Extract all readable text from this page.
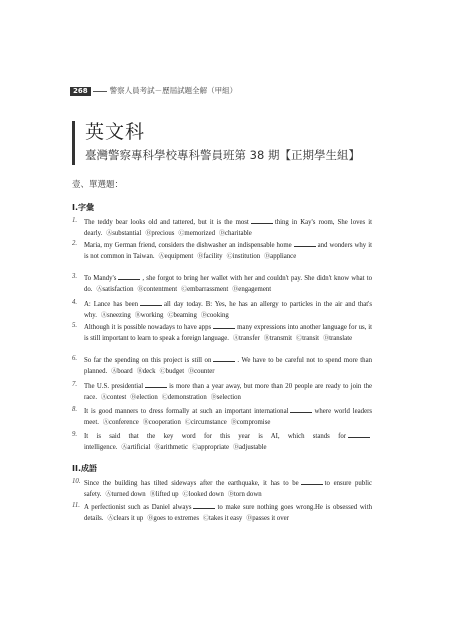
268	警察人員考試－歷屆試題全解（甲組）
英文科
臺灣警察專科學校專科警員班第 38 期【正期學生組】
壹、單選題：
I.字彙
1.	The teddy bear looks old and tattered, but it is the most	thing in Kay's room, She loves it dearly. Ⓐsubstantial Ⓑprecious Ⓒmemorized Ⓓcharitable
2.	Maria, my German friend, considers the dishwasher an indispensable home	and wonders why it is not common in Taiwan. Ⓐequipment Ⓑfacility Ⓒinstitution Ⓓappliance
3.	To Mandy's	, she forgot to bring her wallet with her and couldn't pay. She didn't know what to do. Ⓐsatisfaction Ⓑcontentment Ⓒembarrassment Ⓓengagement
4.	A: Lance has been	all day today. B: Yes, he has an allergy to particles in the air and that's why. Ⓐsneezing Ⓑworking Ⓒbeaming Ⓓcooking
5.	Although it is possible nowadays to have apps	many expressions into another language for us, it is still important to learn to speak a foreign language. Ⓐtransfer Ⓑtransmit Ⓒtransit Ⓓtranslate
6.	So far the spending on this project is still on	. We have to be careful not to spend more than planned. Ⓐboard Ⓑdeck Ⓒbudget Ⓓcounter
7.	The U.S. presidential	is more than a year away, but more than 20 people are ready to join the race. Ⓐcontest Ⓑelection Ⓒdemonstration Ⓓselection
8.	It is good manners to dress formally at such an important international	where world leaders meet. Ⓐconference Ⓑcooperation Ⓒcircumstance Ⓓcompromise
9.	It is said that the key word for this year is AI, which stands forintelligence. Ⓐartificial Ⓑarithmetic Ⓒappropriate Ⓓadjustable
10. Since the building has tilted sideways after the earthquake, it has to be	to ensure public safety. Ⓐturned down Ⓑlifted up Ⓒlooked down Ⓓtorn down
11. A perfectionist such as Daniel always	to make sure nothing goes wrong.He is obsessed with details. Ⓐclears it up Ⓑgoes to extremes Ⓒtakes it easy Ⓓpasses it over
II.成語
